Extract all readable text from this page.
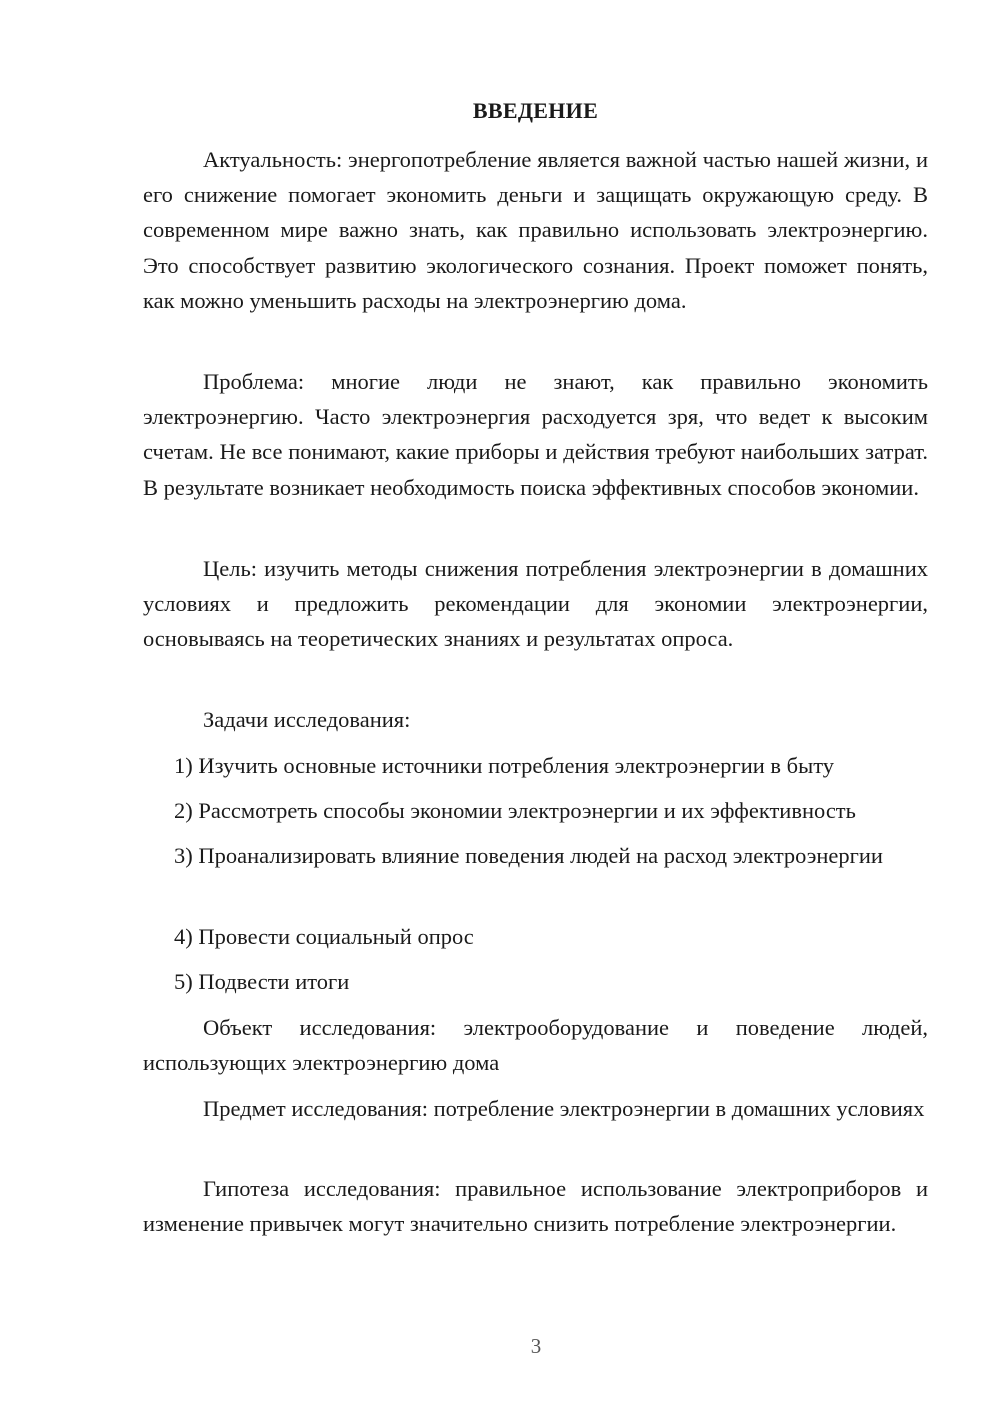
ВВЕДЕНИЕ

Актуальность: энергопотребление является важной частью нашей жизни, и его снижение помогает экономить деньги и защищать окружающую среду. В современном мире важно знать, как правильно использовать электроэнергию. Это способствует развитию экологического сознания. Проект поможет понять, как можно уменьшить расходы на электроэнергию дома.

Проблема: многие люди не знают, как правильно экономить электроэнергию. Часто электроэнергия расходуется зря, что ведет к высоким счетам. Не все понимают, какие приборы и действия требуют наибольших затрат. В результате возникает необходимость поиска эффективных способов экономии.

Цель: изучить методы снижения потребления электроэнергии в домашних условиях и предложить рекомендации для экономии электроэнергии, основываясь на теоретических знаниях и результатах опроса.

Задачи исследования:

1) Изучить основные источники потребления электроэнергии в быту

2) Рассмотреть способы экономии электроэнергии и их эффективность

3) Проанализировать влияние поведения людей на расход электроэнергии

4) Провести социальный опрос

5) Подвести итоги

Объект исследования: электрооборудование и поведение людей, использующих электроэнергию дома

Предмет исследования: потребление электроэнергии в домашних условиях

Гипотеза исследования: правильное использование электроприборов и изменение привычек могут значительно снизить потребление электроэнергии.

3
